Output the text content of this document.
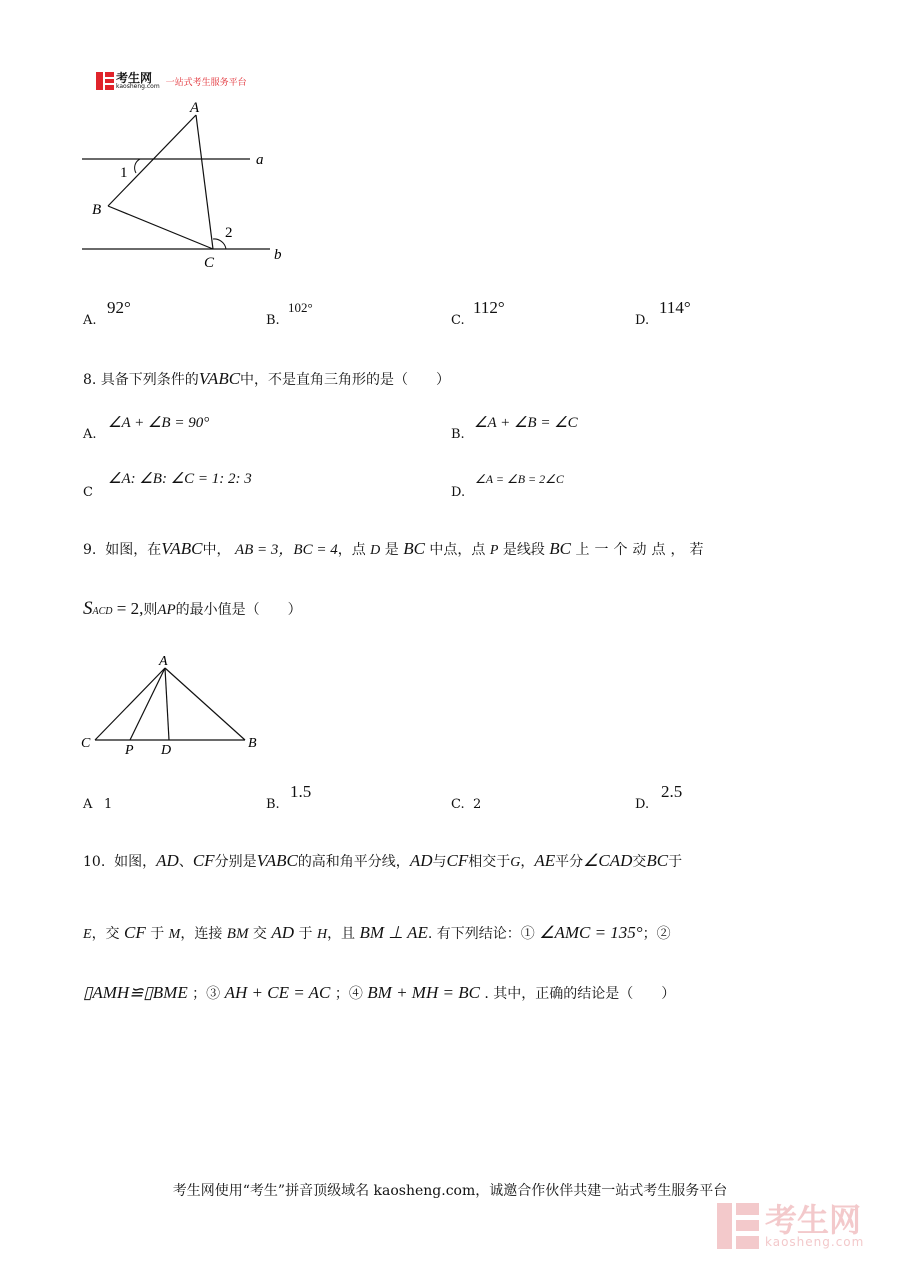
考生网
kaosheng.com 一站式考生服务平台
A
B
C
a
b
1
2
A.
92°
B.
102°
C.
112°
D.
114°
8. 具备下列条件的VABC中，不是直角三角形的是（　　）
A.
∠A + ∠B = 90°
B.
∠A + ∠B = ∠C
C
∠A: ∠B: ∠C = 1: 2: 3
D.
∠A = ∠B = 2∠C
9. 如图，在VABC中， AB = 3，BC = 4，点 D 是 BC 中点，点 P 是线段 BC 上一个动点，若
SACD = 2,则AP的最小值是（　　）
A
C P D	B
A 1	B.
1.5
C. 2	D.
2.5
10. 如图，AD、CF分别是VABC的高和角平分线，AD与CF相交于G，AE平分∠CAD交BC于
E，交 CF 于 M，连接 BM 交 AD 于 H，且 BM ⊥ AE. 有下列结论：① ∠AMC = 135°；②
▯AMH≌▯BME ；③ AH + CE = AC ；④ BM + MH = BC . 其中，正确的结论是（　　）
考生网使用“考生”拼音顶级域名 kaosheng.com，诚邀合作伙伴共建一站式考生服务平台
考生网
kaosheng.com
